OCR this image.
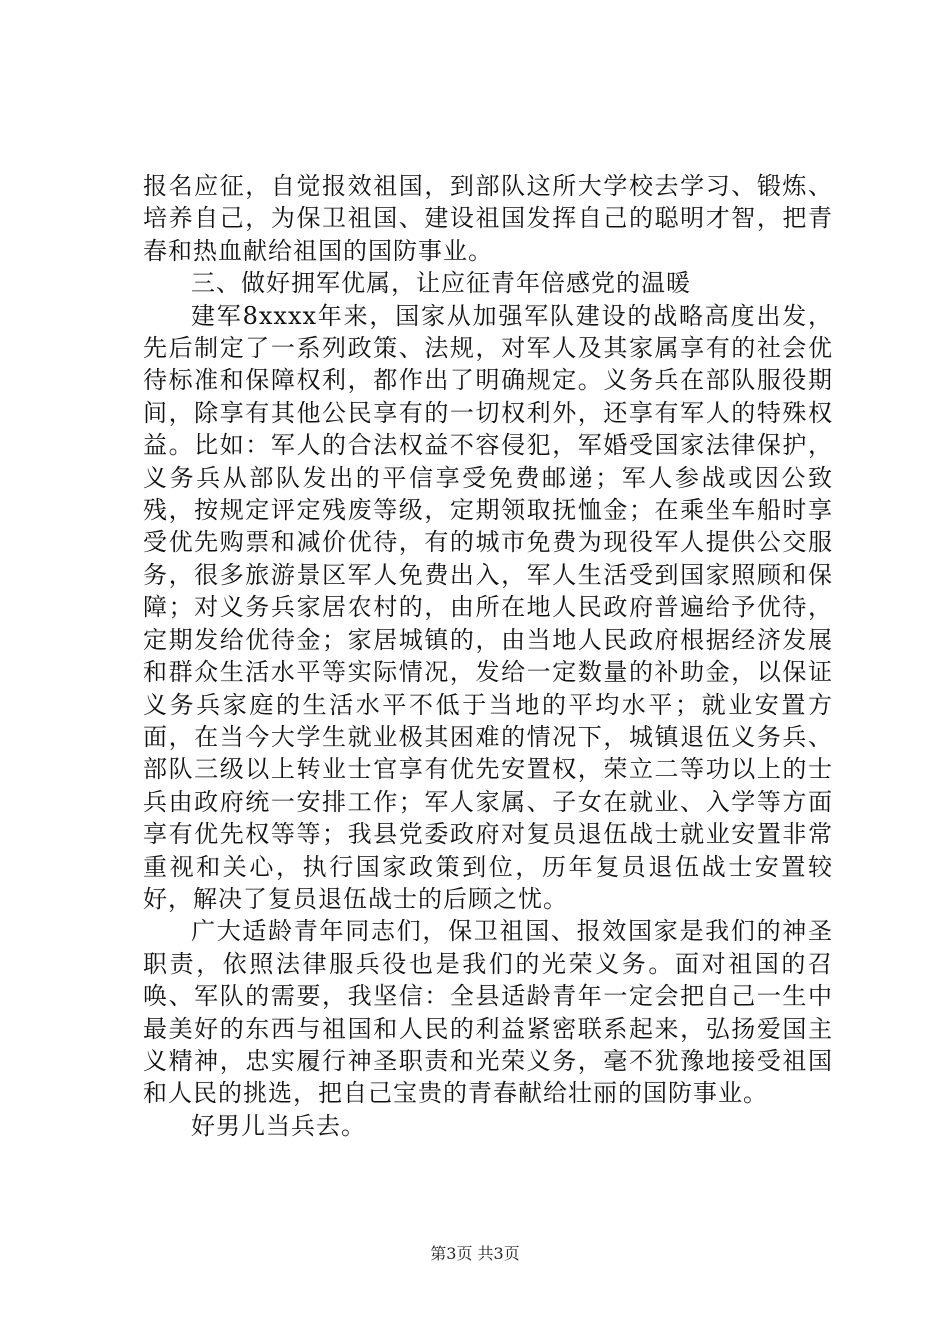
报名应征，自觉报效祖国，到部队这所大学校去学习、锻炼、培养自己，为保卫祖国、建设祖国发挥自己的聪明才智，把青春和热血献给祖国的国防事业。

三、做好拥军优属，让应征青年倍感党的温暖

建军8xxxx年来，国家从加强军队建设的战略高度出发，先后制定了一系列政策、法规，对军人及其家属享有的社会优待标准和保障权利，都作出了明确规定。义务兵在部队服役期间，除享有其他公民享有的一切权利外，还享有军人的特殊权益。比如：军人的合法权益不容侵犯，军婚受国家法律保护，义务兵从部队发出的平信享受免费邮递；军人参战或因公致残，按规定评定残废等级，定期领取抚恤金；在乘坐车船时享受优先购票和减价优待，有的城市免费为现役军人提供公交服务，很多旅游景区军人免费出入，军人生活受到国家照顾和保障；对义务兵家居农村的，由所在地人民政府普遍给予优待，定期发给优待金；家居城镇的，由当地人民政府根据经济发展和群众生活水平等实际情况，发给一定数量的补助金，以保证义务兵家庭的生活水平不低于当地的平均水平；就业安置方面，在当今大学生就业极其困难的情况下，城镇退伍义务兵、部队三级以上转业士官享有优先安置权，荣立二等功以上的士兵由政府统一安排工作；军人家属、子女在就业、入学等方面享有优先权等等；我县党委政府对复员退伍战士就业安置非常重视和关心，执行国家政策到位，历年复员退伍战士安置较好，解决了复员退伍战士的后顾之忧。

广大适龄青年同志们，保卫祖国、报效国家是我们的神圣职责，依照法律服兵役也是我们的光荣义务。面对祖国的召唤、军队的需要，我坚信：全县适龄青年一定会把自己一生中最美好的东西与祖国和人民的利益紧密联系起来，弘扬爱国主义精神，忠实履行神圣职责和光荣义务，毫不犹豫地接受祖国和人民的挑选，把自己宝贵的青春献给壮丽的国防事业。

好男儿当兵去。

第3页 共3页
